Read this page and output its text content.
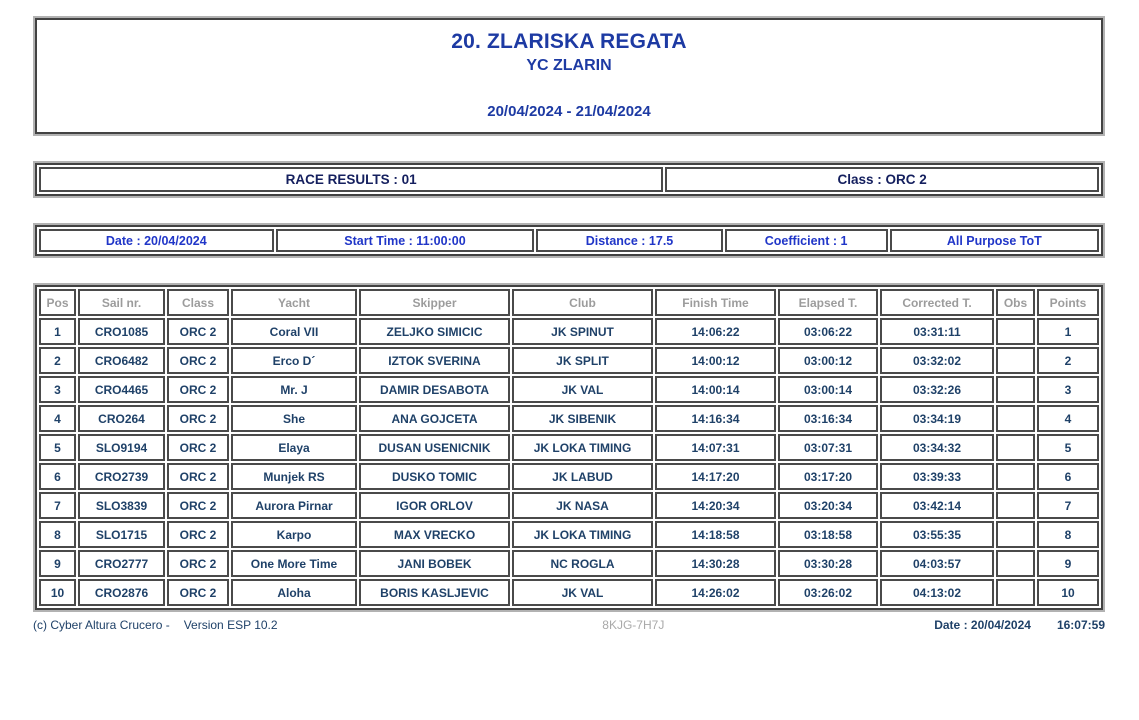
20. ZLARISKA REGATA
YC ZLARIN
20/04/2024 - 21/04/2024
RACE RESULTS : 01	Class : ORC 2
Date : 20/04/2024	Start Time : 11:00:00	Distance : 17.5	Coefficient : 1	All Purpose ToT
Pos	Sail nr.	Class	Yacht	Skipper	Club	Finish Time	Elapsed T.	Corrected T.	Obs	Points
1	CRO1085	ORC 2	Coral VII	ZELJKO SIMICIC	JK SPINUT	14:06:22	03:06:22	03:31:11		1
2	CRO6482	ORC 2	Erco D´	IZTOK SVERINA	JK SPLIT	14:00:12	03:00:12	03:32:02		2
3	CRO4465	ORC 2	Mr. J	DAMIR DESABOTA	JK VAL	14:00:14	03:00:14	03:32:26		3
4	CRO264	ORC 2	She	ANA GOJCETA	JK SIBENIK	14:16:34	03:16:34	03:34:19		4
5	SLO9194	ORC 2	Elaya	DUSAN USENICNIK	JK LOKA TIMING	14:07:31	03:07:31	03:34:32		5
6	CRO2739	ORC 2	Munjek RS	DUSKO TOMIC	JK LABUD	14:17:20	03:17:20	03:39:33		6
7	SLO3839	ORC 2	Aurora Pirnar	IGOR ORLOV	JK NASA	14:20:34	03:20:34	03:42:14		7
8	SLO1715	ORC 2	Karpo	MAX VRECKO	JK LOKA TIMING	14:18:58	03:18:58	03:55:35		8
9	CRO2777	ORC 2	One More Time	JANI BOBEK	NC ROGLA	14:30:28	03:30:28	04:03:57		9
10	CRO2876	ORC 2	Aloha	BORIS KASLJEVIC	JK VAL	14:26:02	03:26:02	04:13:02		10
(c) Cyber Altura Crucero - Version ESP 10.2	8KJG-7H7J	Date : 20/04/2024 16:07:59
